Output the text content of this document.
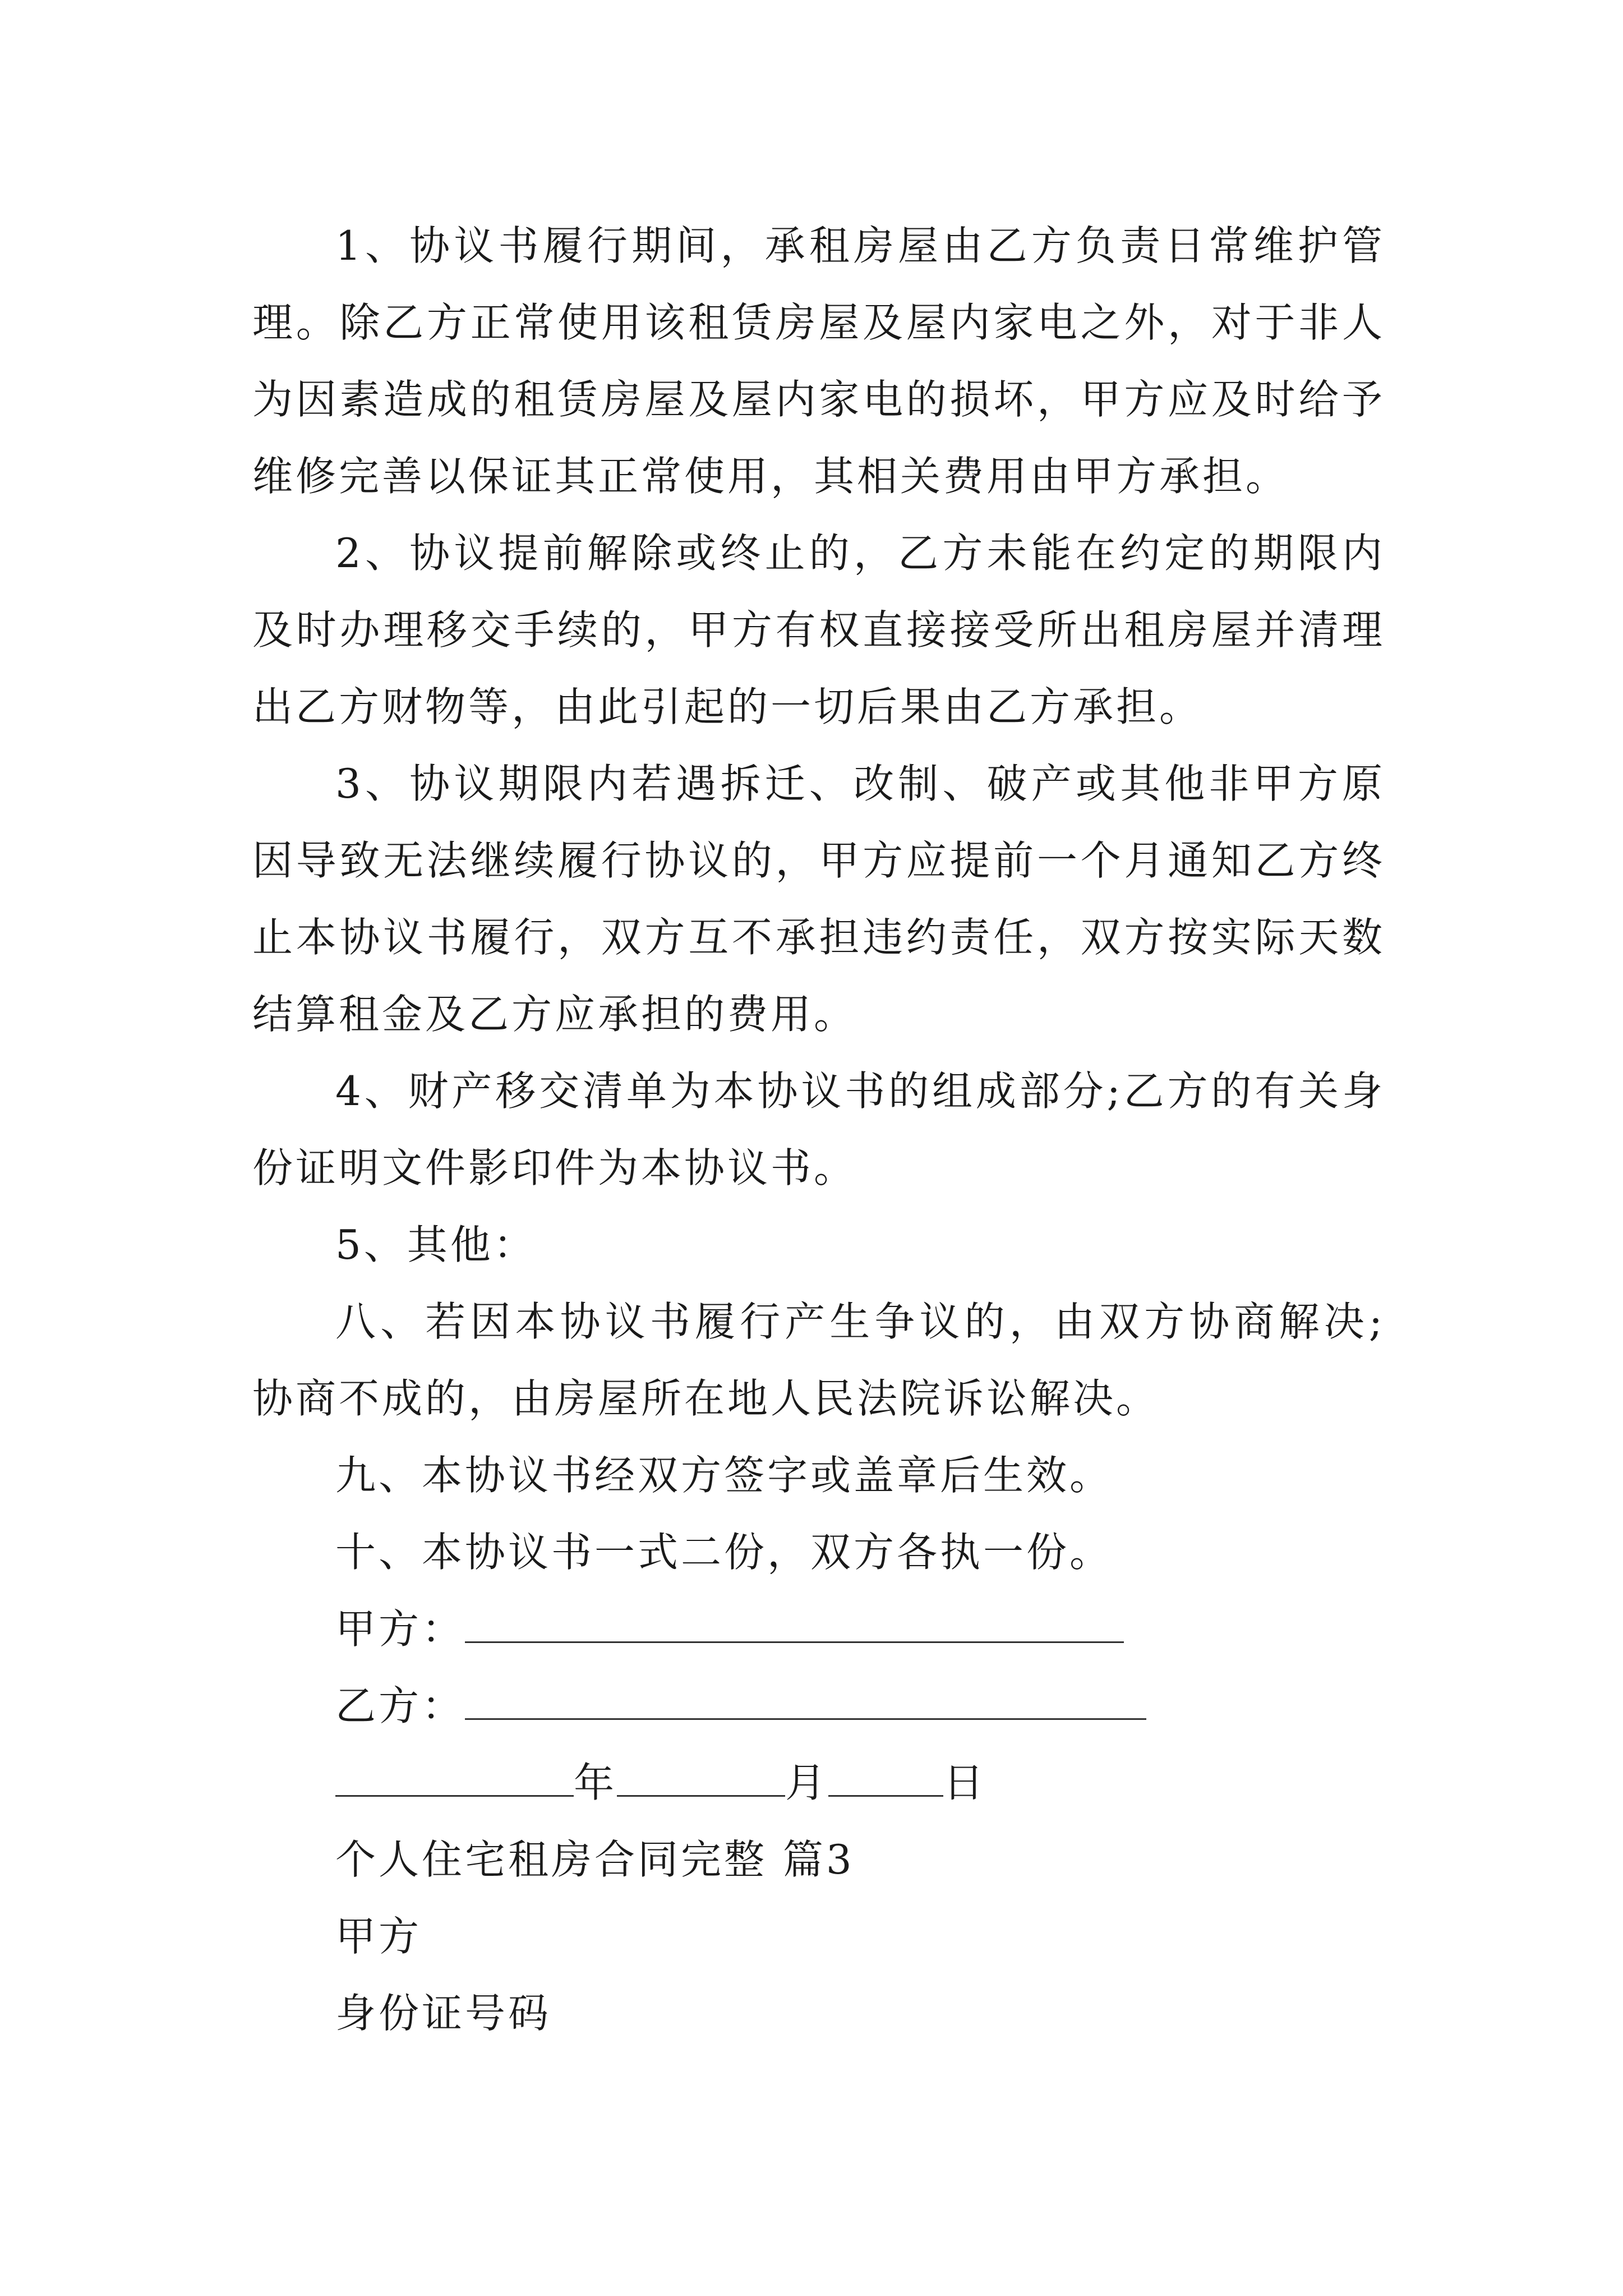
1、协议书履行期间，承租房屋由乙方负责日常维护管理。除乙方正常使用该租赁房屋及屋内家电之外，对于非人为因素造成的租赁房屋及屋内家电的损坏，甲方应及时给予维修完善以保证其正常使用，其相关费用由甲方承担。

2、协议提前解除或终止的，乙方未能在约定的期限内及时办理移交手续的，甲方有权直接接受所出租房屋并清理出乙方财物等，由此引起的一切后果由乙方承担。

3、协议期限内若遇拆迁、改制、破产或其他非甲方原因导致无法继续履行协议的，甲方应提前一个月通知乙方终止本协议书履行，双方互不承担违约责任，双方按实际天数结算租金及乙方应承担的费用。

4、财产移交清单为本协议书的组成部分;乙方的有关身份证明文件影印件为本协议书。

5、其他：

八、若因本协议书履行产生争议的，由双方协商解决;协商不成的，由房屋所在地人民法院诉讼解决。

九、本协议书经双方签字或盖章后生效。

十、本协议书一式二份，双方各执一份。

甲方：
乙方：
年	月	日
个人住宅租房合同完整 篇3
甲方
身份证号码
